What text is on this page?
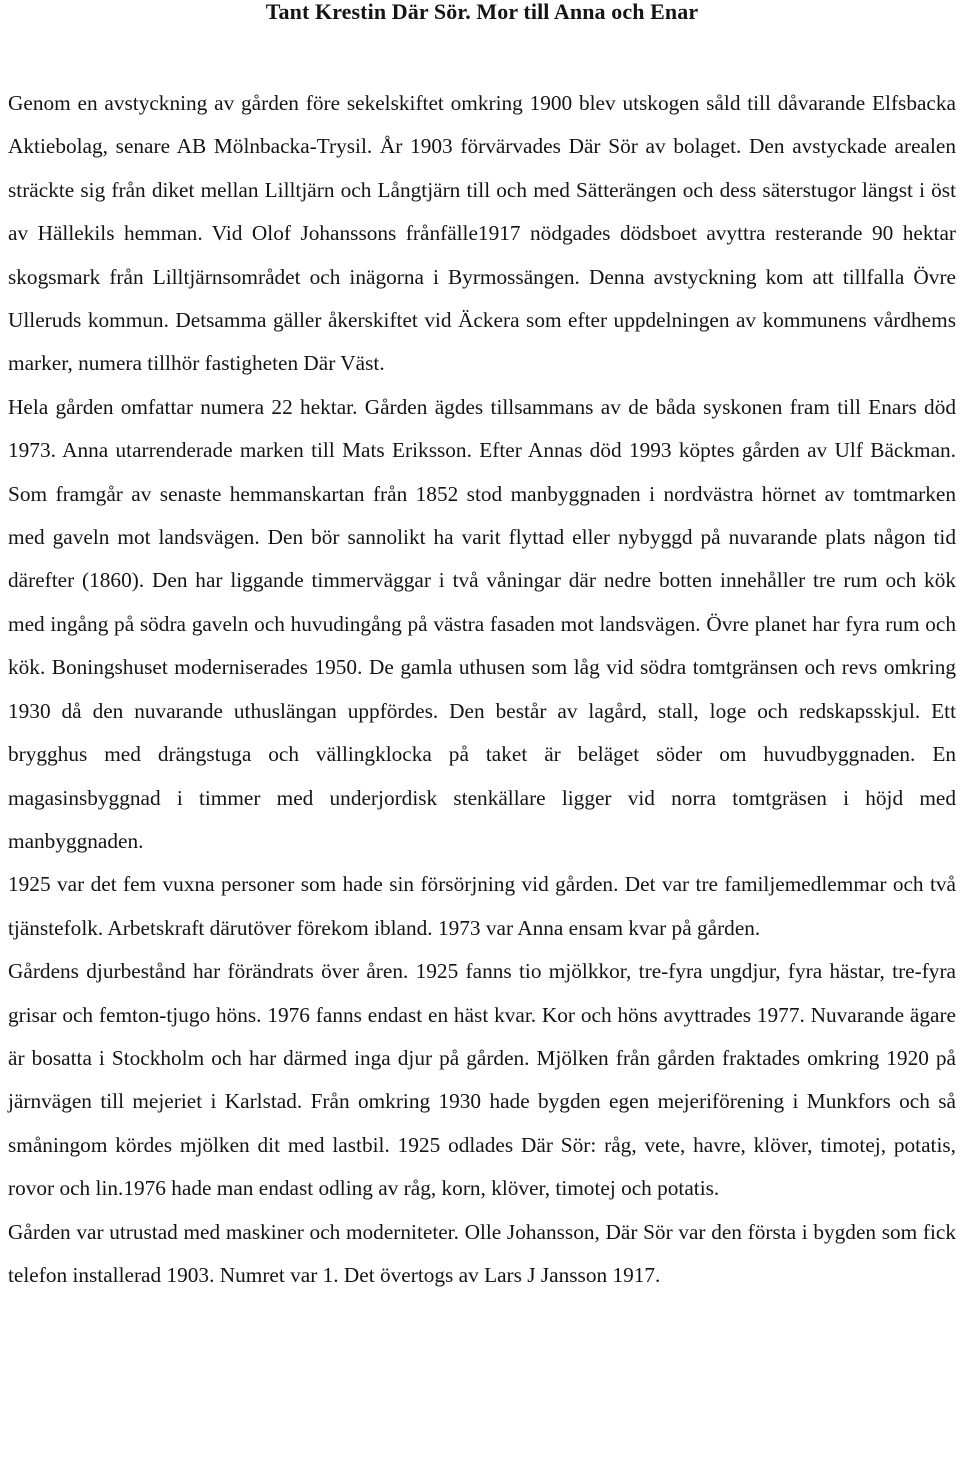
Tant Krestin Där Sör. Mor till Anna och Enar

Genom en avstyckning av gården före sekelskiftet omkring 1900 blev utskogen såld till dåvarande Elfsbacka Aktiebolag, senare AB Mölnbacka-Trysil. År 1903 förvärvades Där Sör av bolaget. Den avstyckade arealen sträckte sig från diket mellan Lilltjärn och Långtjärn till och med Sätterängen och dess säterstugor längst i öst av Hällekils hemman. Vid Olof Johanssons frånfälle1917 nödgades dödsboet avyttra resterande 90 hektar skogsmark från Lilltjärnsområdet och inägorna i Byrmossängen. Denna avstyckning kom att tillfalla Övre Ulleruds kommun. Detsamma gäller åkerskiftet vid Äckera som efter uppdelningen av kommunens vårdhems marker, numera tillhör fastigheten Där Väst.

Hela gården omfattar numera 22 hektar. Gården ägdes tillsammans av de båda syskonen fram till Enars död 1973. Anna utarrenderade marken till Mats Eriksson. Efter Annas död 1993 köptes gården av Ulf Bäckman. Som framgår av senaste hemmanskartan från 1852 stod manbyggnaden i nordvästra hörnet av tomtmarken med gaveln mot landsvägen. Den bör sannolikt ha varit flyttad eller nybyggd på nuvarande plats någon tid därefter (1860). Den har liggande timmerväggar i två våningar där nedre botten innehåller tre rum och kök med ingång på södra gaveln och huvudingång på västra fasaden mot landsvägen. Övre planet har fyra rum och kök. Boningshuset moderniserades 1950. De gamla uthusen som låg vid södra tomtgränsen och revs omkring 1930 då den nuvarande uthuslängan uppfördes. Den består av lagård, stall, loge och redskapsskjul. Ett brygghus med drängstuga och vällingklocka på taket är beläget söder om huvudbyggnaden. En magasinsbyggnad i timmer med underjordisk stenkällare ligger vid norra tomtgräsen i höjd med manbyggnaden.

1925 var det fem vuxna personer som hade sin försörjning vid gården. Det var tre familjemedlemmar och två tjänstefolk. Arbetskraft därutöver förekom ibland. 1973 var Anna ensam kvar på gården.

Gårdens djurbestånd har förändrats över åren. 1925 fanns tio mjölkkor, tre-fyra ungdjur, fyra hästar, tre-fyra grisar och femton-tjugo höns. 1976 fanns endast en häst kvar. Kor och höns avyttrades 1977. Nuvarande ägare är bosatta i Stockholm och har därmed inga djur på gården. Mjölken från gården fraktades omkring 1920 på järnvägen till mejeriet i Karlstad. Från omkring 1930 hade bygden egen mejeriförening i Munkfors och så småningom kördes mjölken dit med lastbil. 1925 odlades Där Sör: råg, vete, havre, klöver, timotej, potatis, rovor och lin.1976 hade man endast odling av råg, korn, klöver, timotej och potatis.

Gården var utrustad med maskiner och moderniteter. Olle Johansson, Där Sör var den första i bygden som fick telefon installerad 1903. Numret var 1. Det övertogs av Lars J Jansson 1917.
